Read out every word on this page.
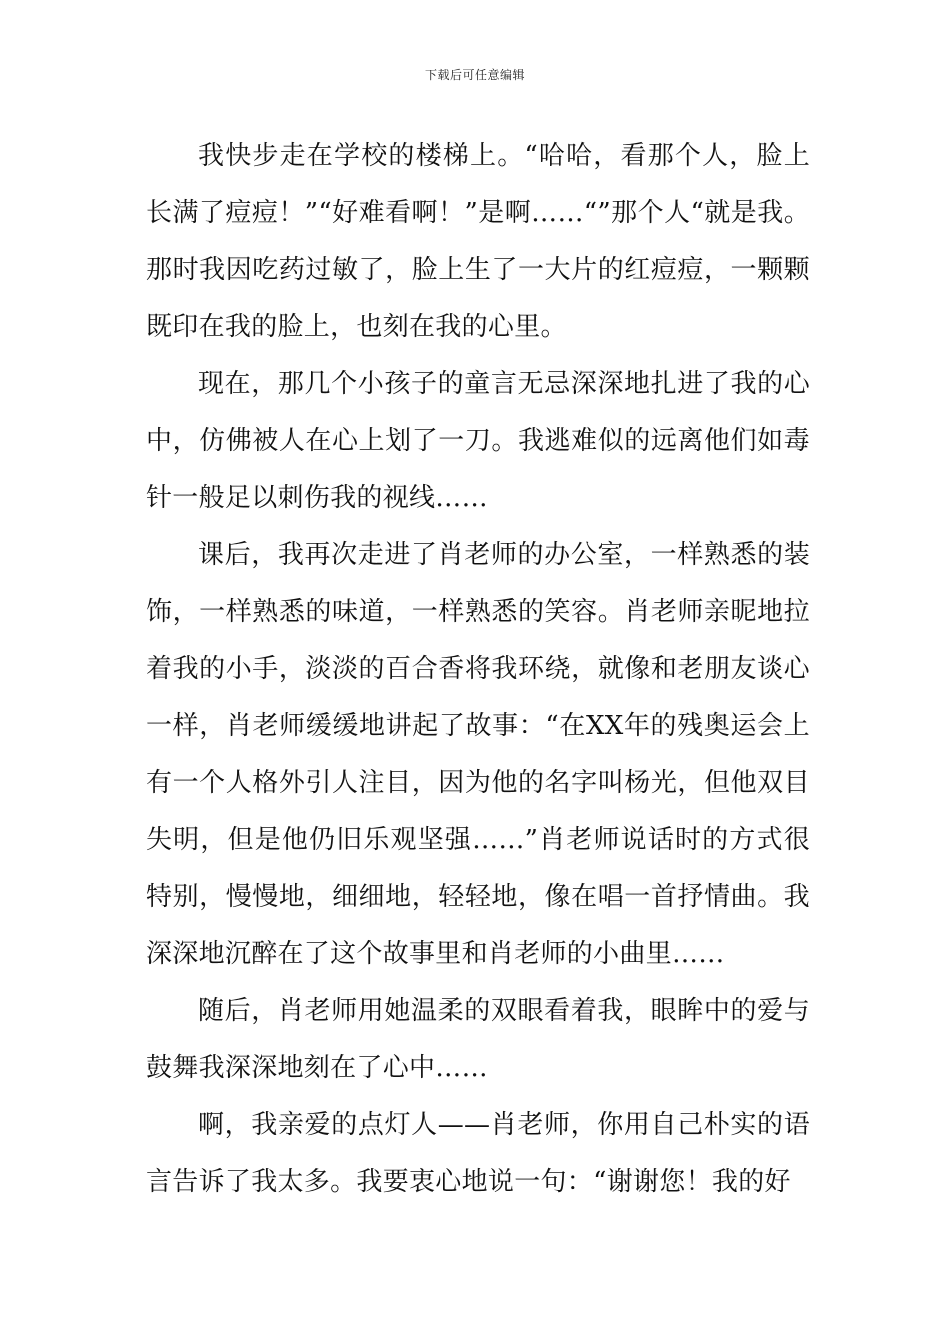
下载后可任意编辑

我快步走在学校的楼梯上。“哈哈，看那个人，脸上长满了痘痘！”“好难看啊！”是啊……“”那个人“就是我。那时我因吃药过敏了，脸上生了一大片的红痘痘，一颗颗既印在我的脸上，也刻在我的心里。

现在，那几个小孩子的童言无忌深深地扎进了我的心中，仿佛被人在心上划了一刀。我逃难似的远离他们如毒针一般足以刺伤我的视线……

课后，我再次走进了肖老师的办公室，一样熟悉的装饰，一样熟悉的味道，一样熟悉的笑容。肖老师亲昵地拉着我的小手，淡淡的百合香将我环绕，就像和老朋友谈心一样，肖老师缓缓地讲起了故事：“在XX年的残奥运会上有一个人格外引人注目，因为他的名字叫杨光，但他双目失明，但是他仍旧乐观坚强……”肖老师说话时的方式很特别，慢慢地，细细地，轻轻地，像在唱一首抒情曲。我深深地沉醉在了这个故事里和肖老师的小曲里……

随后，肖老师用她温柔的双眼看着我，眼眸中的爱与鼓舞我深深地刻在了心中……

啊，我亲爱的点灯人——肖老师，你用自己朴实的语言告诉了我太多。我要衷心地说一句：“谢谢您！我的好
